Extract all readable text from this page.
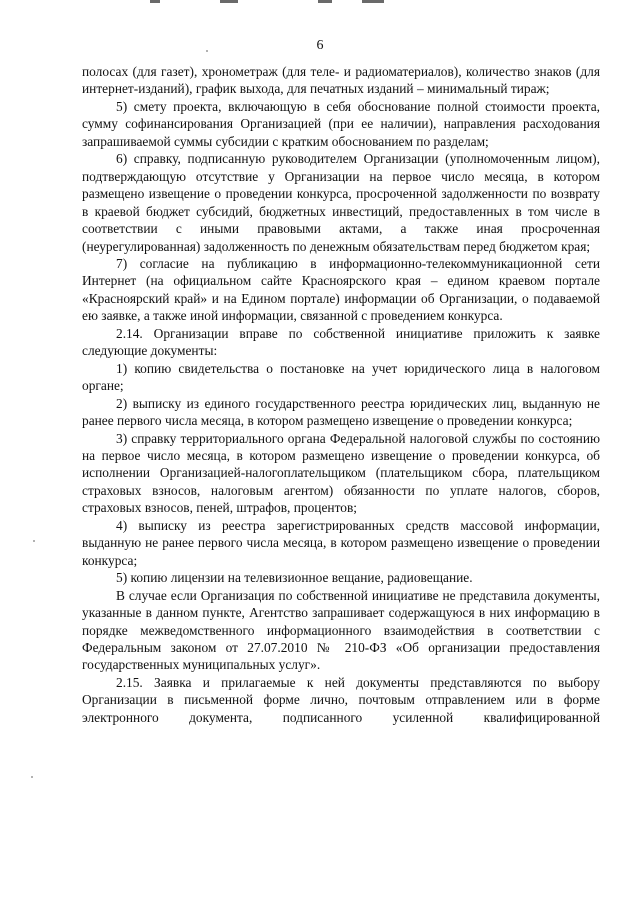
6

полосах (для газет), хронометраж (для теле- и радиоматериалов), количество знаков (для интернет-изданий), график выхода, для печатных изданий – минимальный тираж;

5) смету проекта, включающую в себя обоснование полной стоимости проекта, сумму софинансирования Организацией (при ее наличии), направления расходования запрашиваемой суммы субсидии с кратким обоснованием по разделам;

6) справку, подписанную руководителем Организации (уполномоченным лицом), подтверждающую отсутствие у Организации на первое число месяца, в котором размещено извещение о проведении конкурса, просроченной задолженности по возврату в краевой бюджет субсидий, бюджетных инвестиций, предоставленных в том числе в соответствии с иными правовыми актами, а также иная просроченная (неурегулированная) задолженность по денежным обязательствам перед бюджетом края;

7) согласие на публикацию в информационно-телекоммуникационной сети Интернет (на официальном сайте Красноярского края – едином краевом портале «Красноярский край» и на Едином портале) информации об Организации, о подаваемой ею заявке, а также иной информации, связанной с проведением конкурса.

2.14. Организации вправе по собственной инициативе приложить к заявке следующие документы:

1) копию свидетельства о постановке на учет юридического лица в налоговом органе;

2) выписку из единого государственного реестра юридических лиц, выданную не ранее первого числа месяца, в котором размещено извещение о проведении конкурса;

3) справку территориального органа Федеральной налоговой службы по состоянию на первое число месяца, в котором размещено извещение о проведении конкурса, об исполнении Организацией-налогоплательщиком (плательщиком сбора, плательщиком страховых взносов, налоговым агентом) обязанности по уплате налогов, сборов, страховых взносов, пеней, штрафов, процентов;

4) выписку из реестра зарегистрированных средств массовой информации, выданную не ранее первого числа месяца, в котором размещено извещение о проведении конкурса;

5) копию лицензии на телевизионное вещание, радиовещание.

В случае если Организация по собственной инициативе не представила документы, указанные в данном пункте, Агентство запрашивает содержащуюся в них информацию в порядке межведомственного информационного взаимодействия в соответствии с Федеральным законом от 27.07.2010 № 210-ФЗ «Об организации предоставления государственных муниципальных услуг».

2.15. Заявка и прилагаемые к ней документы представляются по выбору Организации в письменной форме лично, почтовым отправлением или в форме электронного документа, подписанного усиленной квалифицированной
